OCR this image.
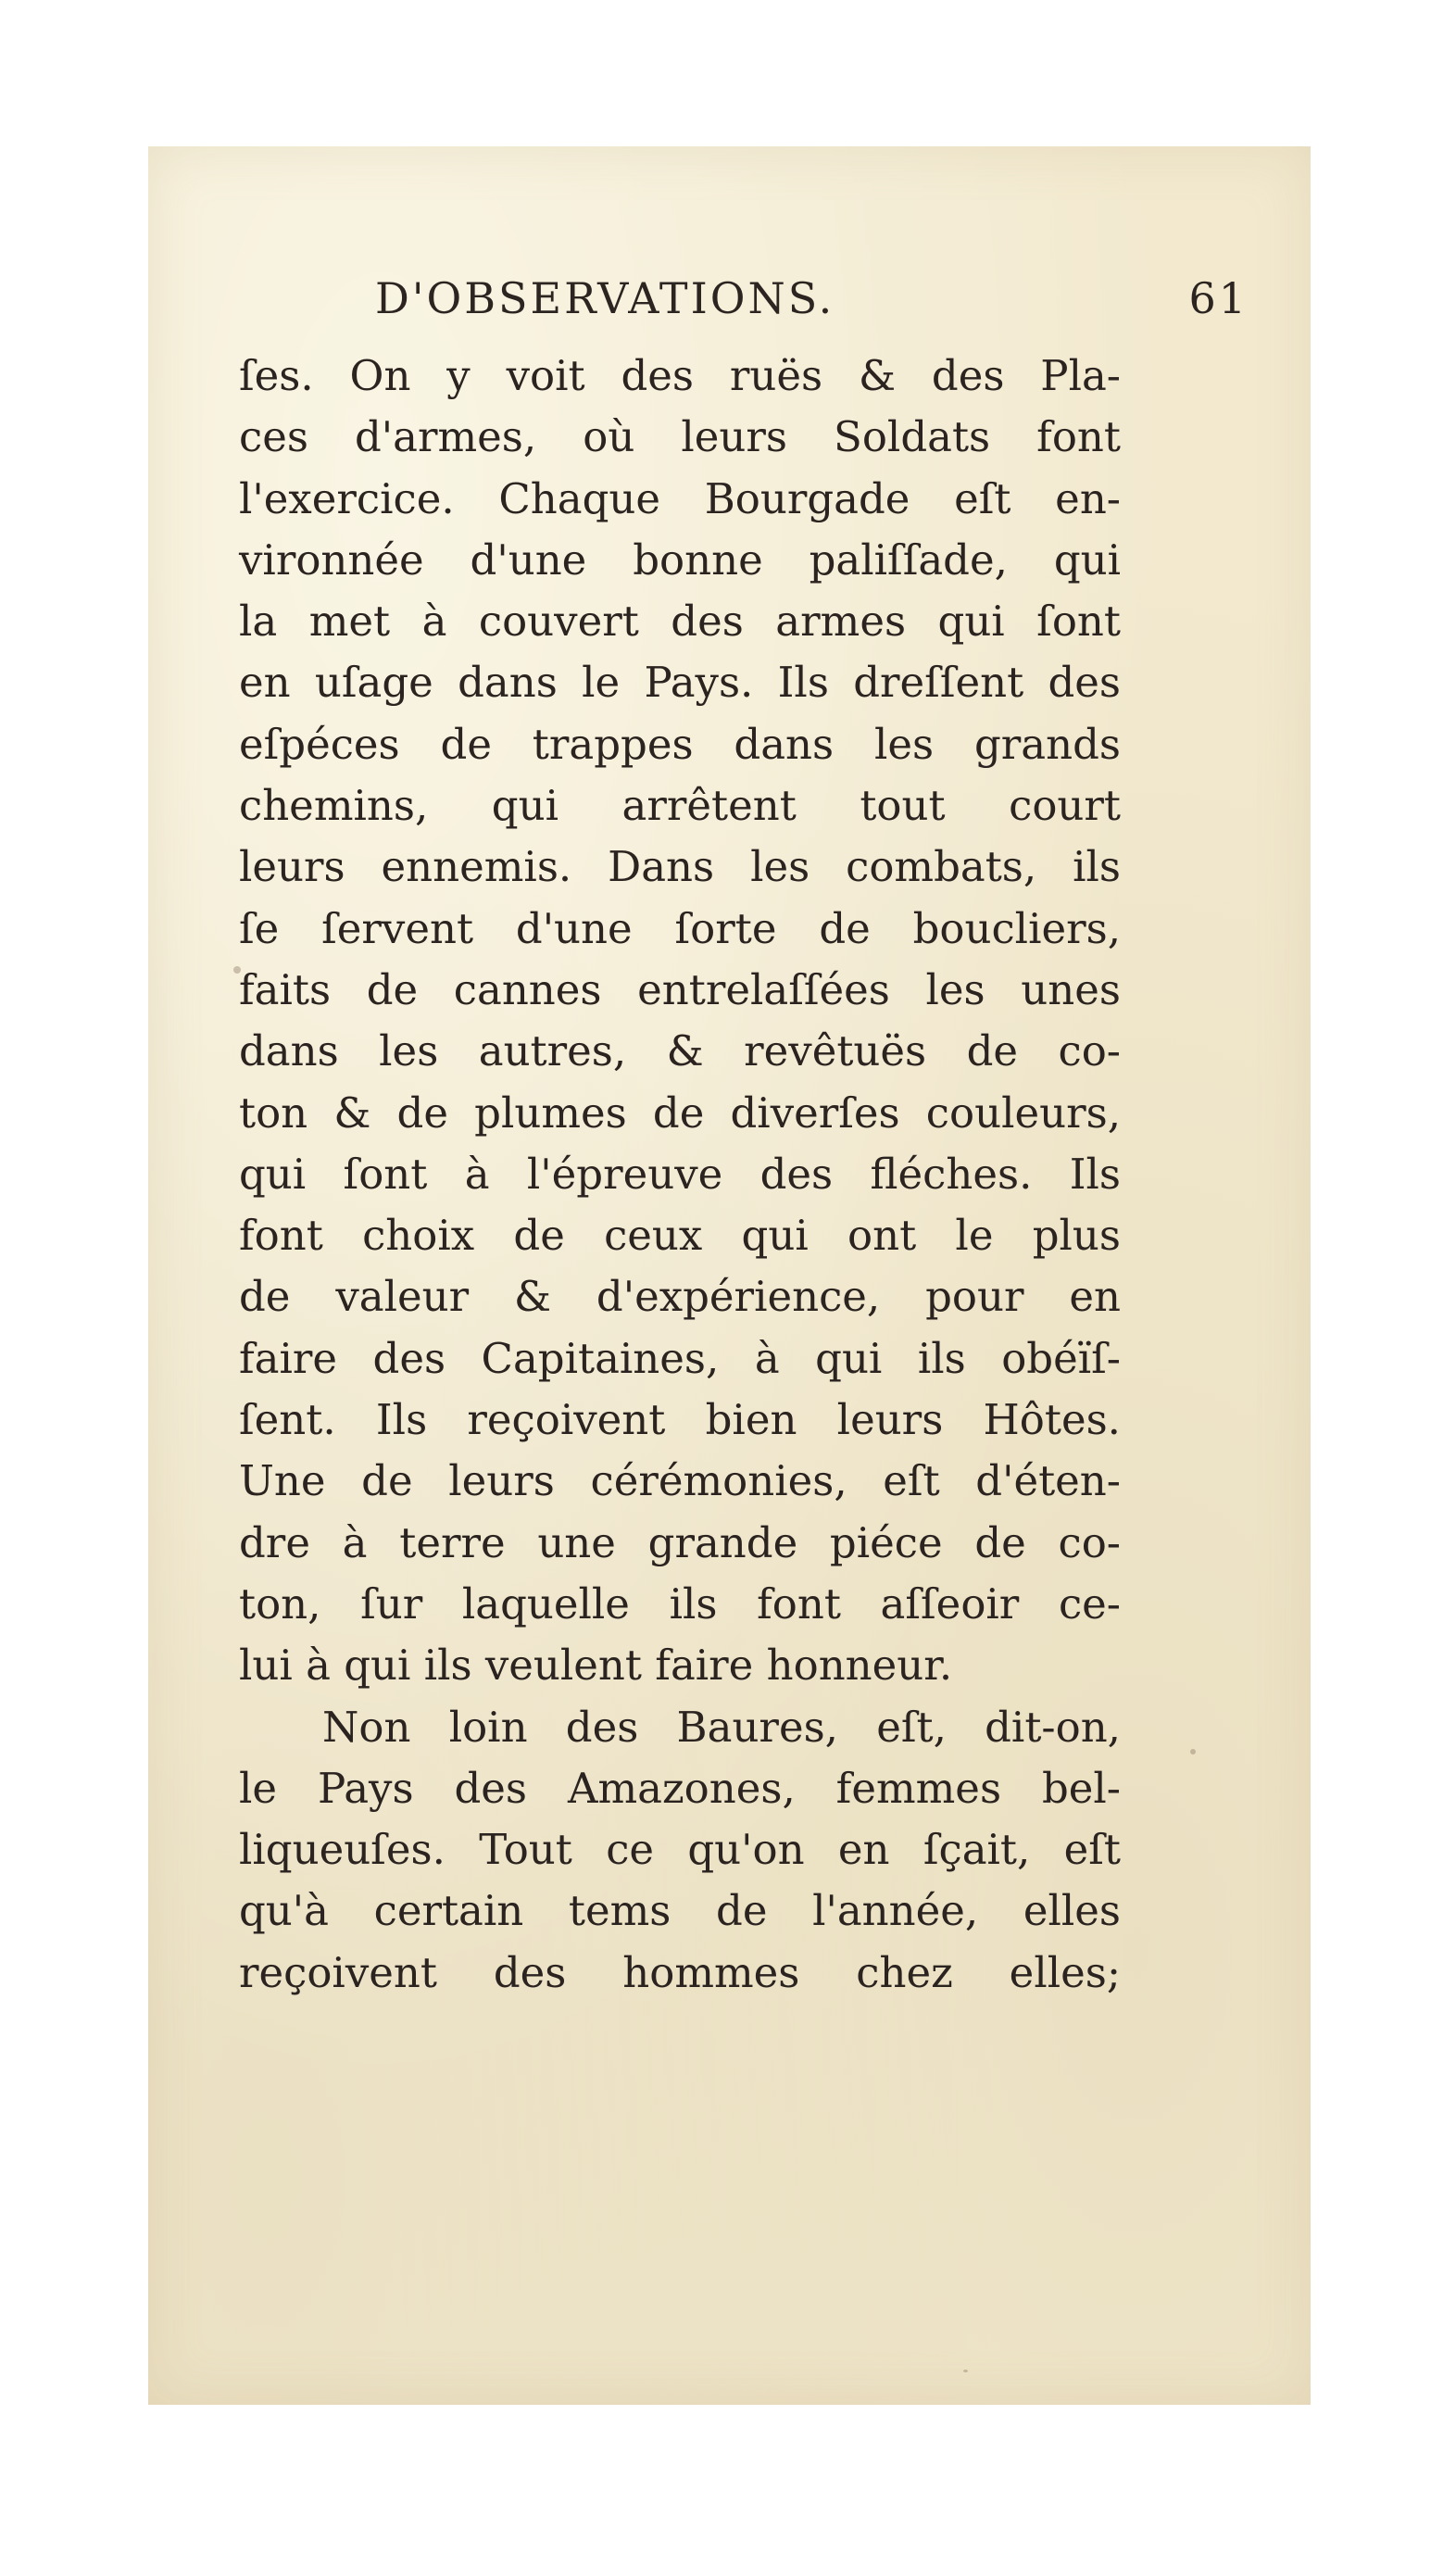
D'OBSERVATIONS.	61
ſes. On y voit des ruës & des Pla-
ces d'armes, où leurs Soldats font
l'exercice. Chaque Bourgade eſt en-
vironnée d'une bonne paliſſade, qui
la met à couvert des armes qui ſont
en uſage dans le Pays. Ils dreſſent des
eſpéces de trappes dans les grands
chemins, qui arrêtent tout court
leurs ennemis. Dans les combats, ils
ſe ſervent d'une ſorte de boucliers,
faits de cannes entrelaſſées les unes
dans les autres, & revêtuës de co-
ton & de plumes de diverſes couleurs,
qui ſont à l'épreuve des fléches. Ils
font choix de ceux qui ont le plus
de valeur & d'expérience, pour en
faire des Capitaines, à qui ils obéïſ-
ſent. Ils reçoivent bien leurs Hôtes.
Une de leurs cérémonies, eſt d'éten-
dre à terre une grande piéce de co-
ton, ſur laquelle ils font aſſeoir ce-
lui à qui ils veulent faire honneur.
Non loin des Baures, eſt, dit-on,
le Pays des Amazones, femmes bel-
liqueuſes. Tout ce qu'on en ſçait, eſt
qu'à certain tems de l'année, elles
reçoivent des hommes chez elles;
